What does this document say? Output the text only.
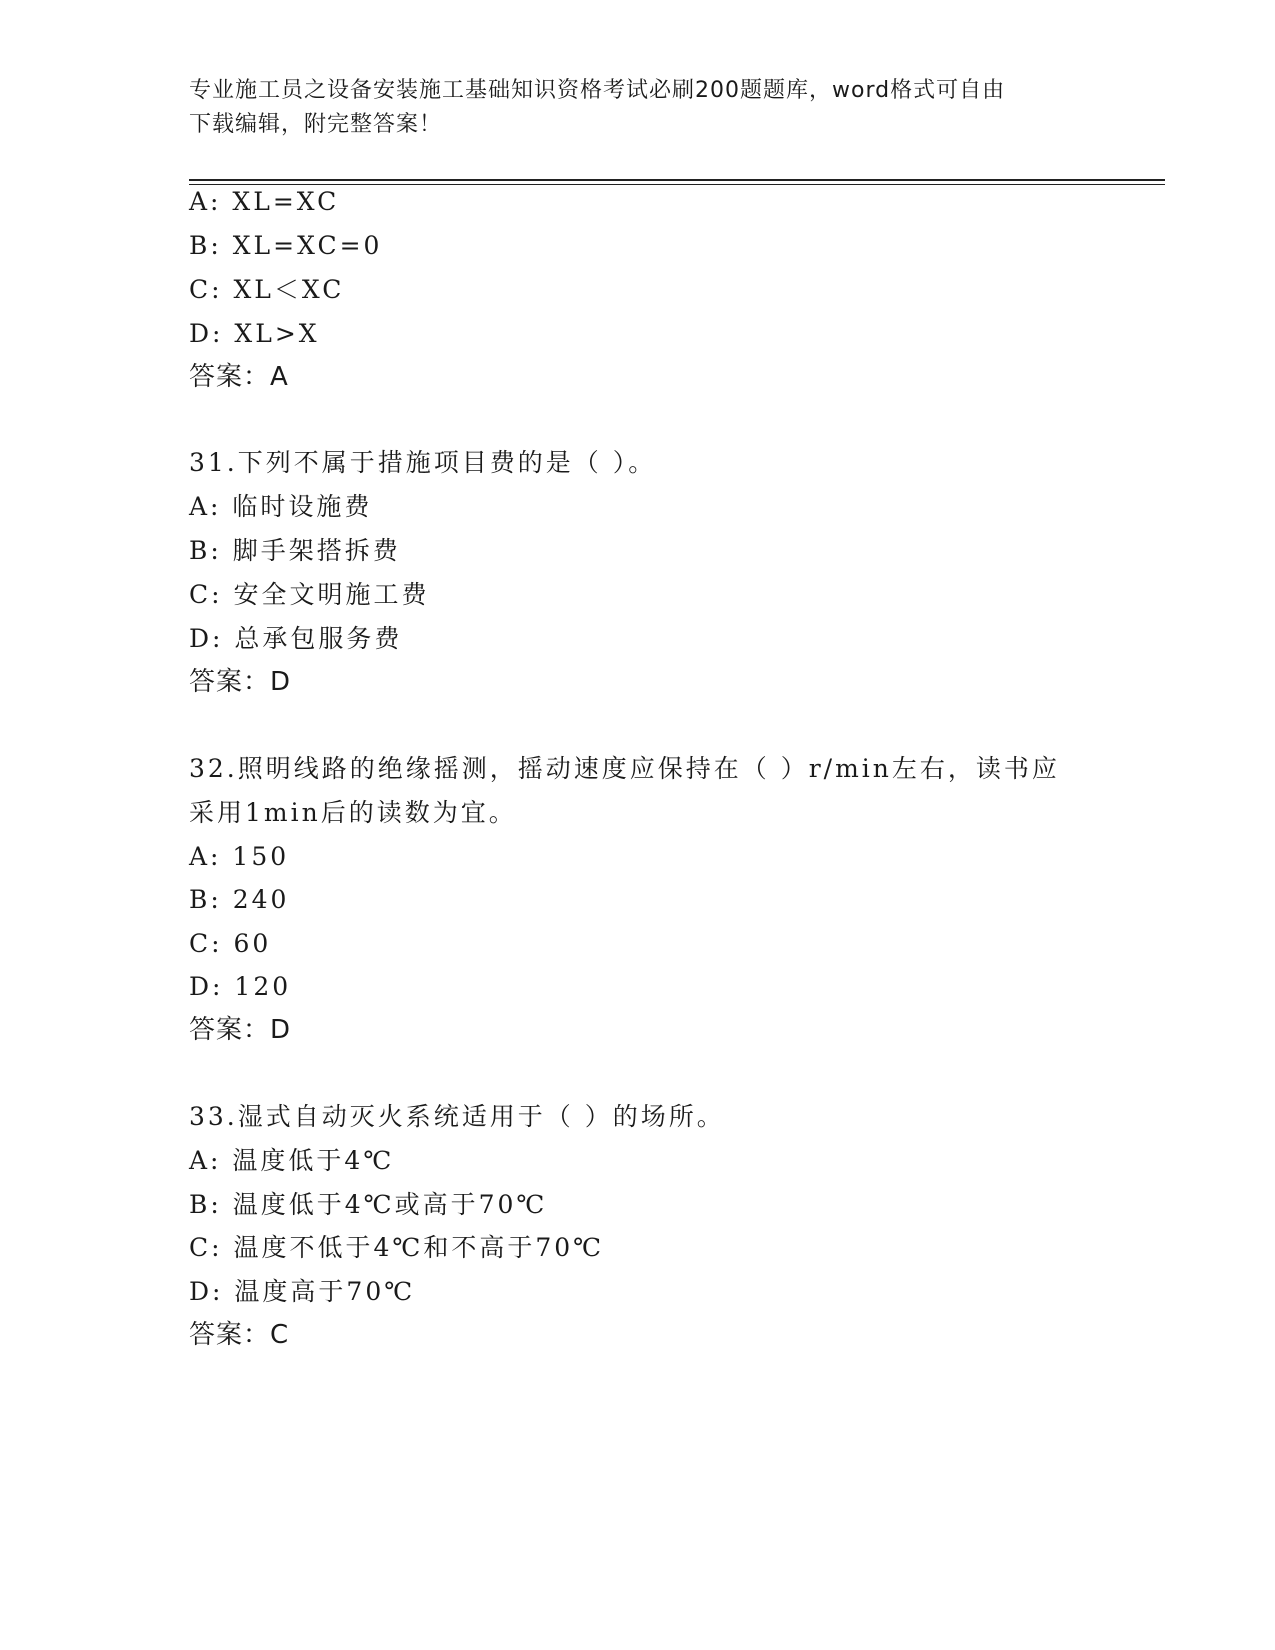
专业施工员之设备安装施工基础知识资格考试必刷200题题库，word格式可自由
下载编辑，附完整答案！
A: XL=XC
B: XL=XC=0
C: XL＜XC
D: XL>X
答案：A
31.下列不属于措施项目费的是（ ）。
A: 临时设施费
B: 脚手架搭拆费
C: 安全文明施工费
D: 总承包服务费
答案：D
32.照明线路的绝缘摇测，摇动速度应保持在（ ）r/min左右，读书应
采用1min后的读数为宜。
A: 150
B: 240
C: 60
D: 120
答案：D
33.湿式自动灭火系统适用于（ ）的场所。
A: 温度低于4℃
B: 温度低于4℃或高于70℃
C: 温度不低于4℃和不高于70℃
D: 温度高于70℃
答案：C
